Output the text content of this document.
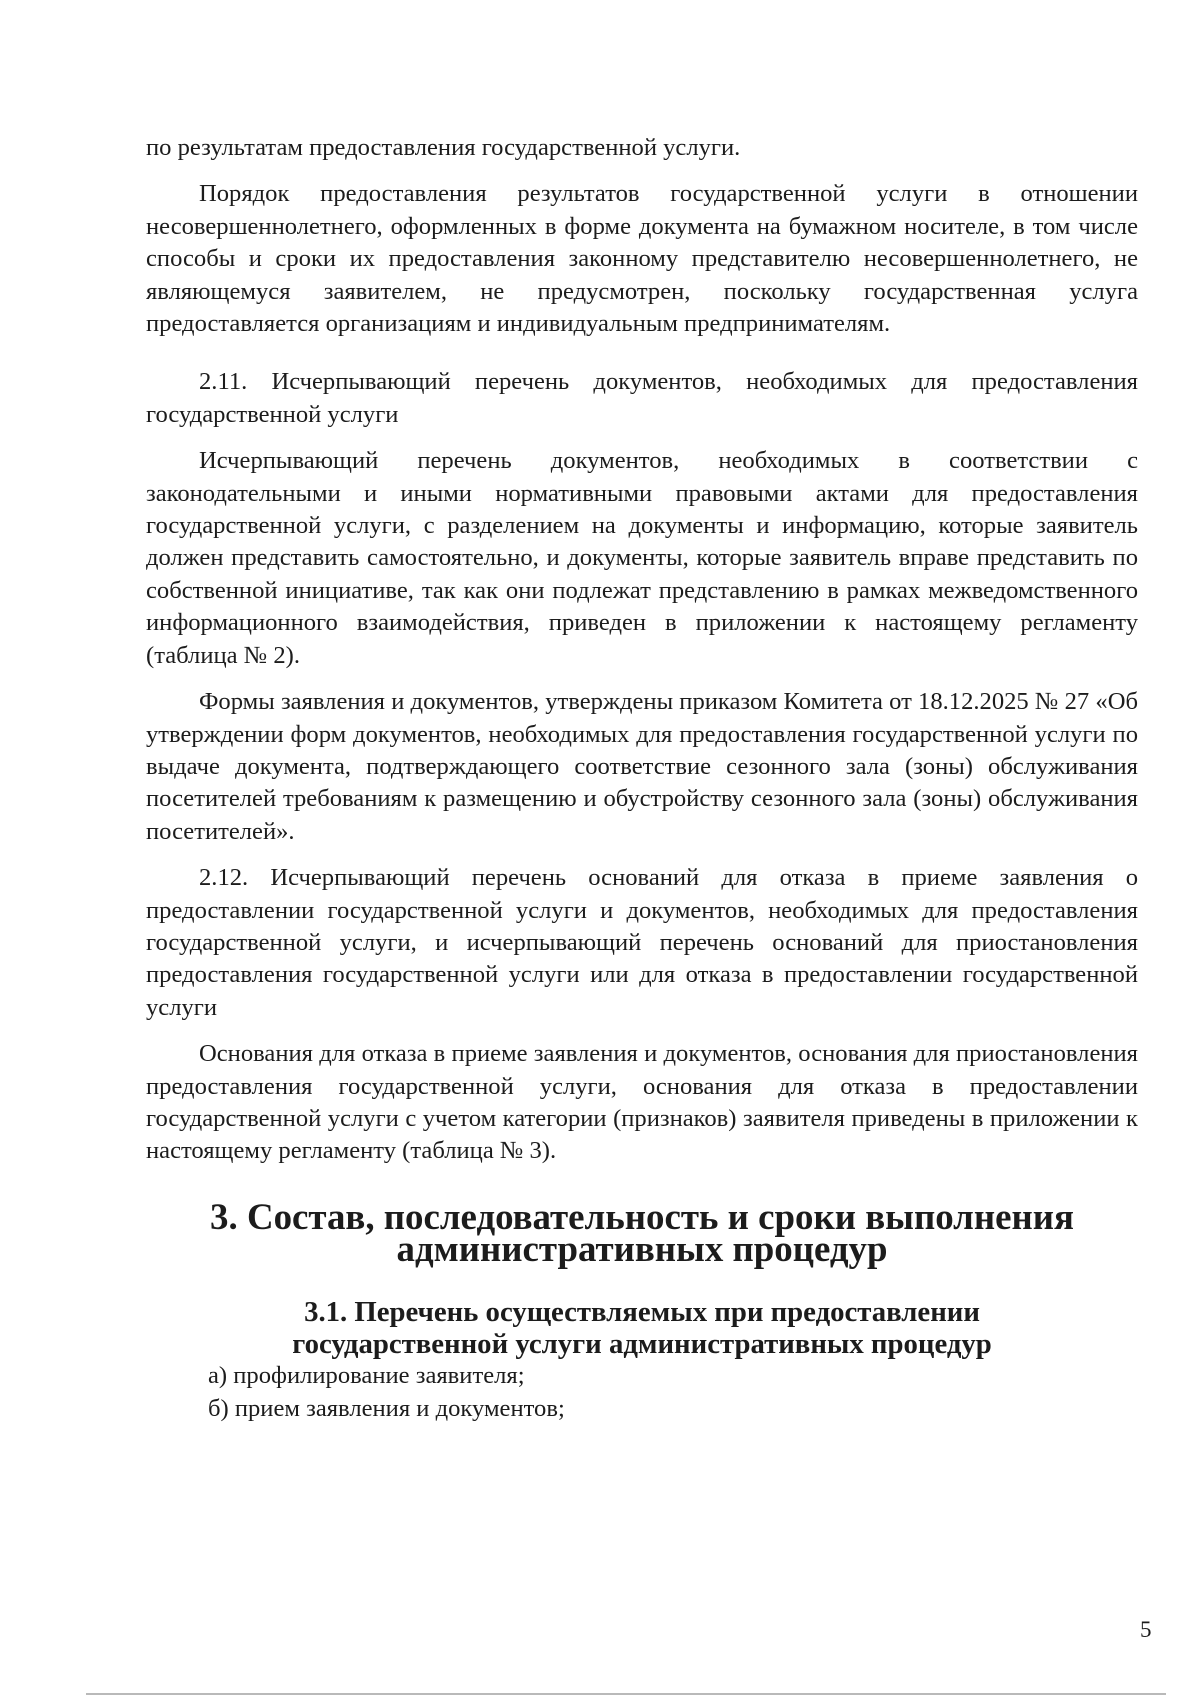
по результатам предоставления государственной услуги.

Порядок предоставления результатов государственной услуги в отношении несовершеннолетнего, оформленных в форме документа на бумажном носителе, в том числе способы и сроки их предоставления законному представителю несовершеннолетнего, не являющемуся заявителем, не предусмотрен, поскольку государственная услуга предоставляется организациям и индивидуальным предпринимателям.

2.11. Исчерпывающий перечень документов, необходимых для предоставления государственной услуги

Исчерпывающий перечень документов, необходимых в соответствии с законодательными и иными нормативными правовыми актами для предоставления государственной услуги, с разделением на документы и информацию, которые заявитель должен представить самостоятельно, и документы, которые заявитель вправе представить по собственной инициативе, так как они подлежат представлению в рамках межведомственного информационного взаимодействия, приведен в приложении к настоящему регламенту (таблица № 2).

Формы заявления и документов, утверждены приказом Комитета от 18.12.2025 № 27 «Об утверждении форм документов, необходимых для предоставления государственной услуги по выдаче документа, подтверждающего соответствие сезонного зала (зоны) обслуживания посетителей требованиям к размещению и обустройству сезонного зала (зоны) обслуживания посетителей».

2.12. Исчерпывающий перечень оснований для отказа в приеме заявления о предоставлении государственной услуги и документов, необходимых для предоставления государственной услуги, и исчерпывающий перечень оснований для приостановления предоставления государственной услуги или для отказа в предоставлении государственной услуги

Основания для отказа в приеме заявления и документов, основания для приостановления предоставления государственной услуги, основания для отказа в предоставлении государственной услуги с учетом категории (признаков) заявителя приведены в приложении к настоящему регламенту (таблица № 3).

3. Состав, последовательность и сроки выполнения
административных процедур
3.1. Перечень осуществляемых при предоставлении
государственной услуги административных процедур

а) профилирование заявителя;

б) прием заявления и документов;

5
